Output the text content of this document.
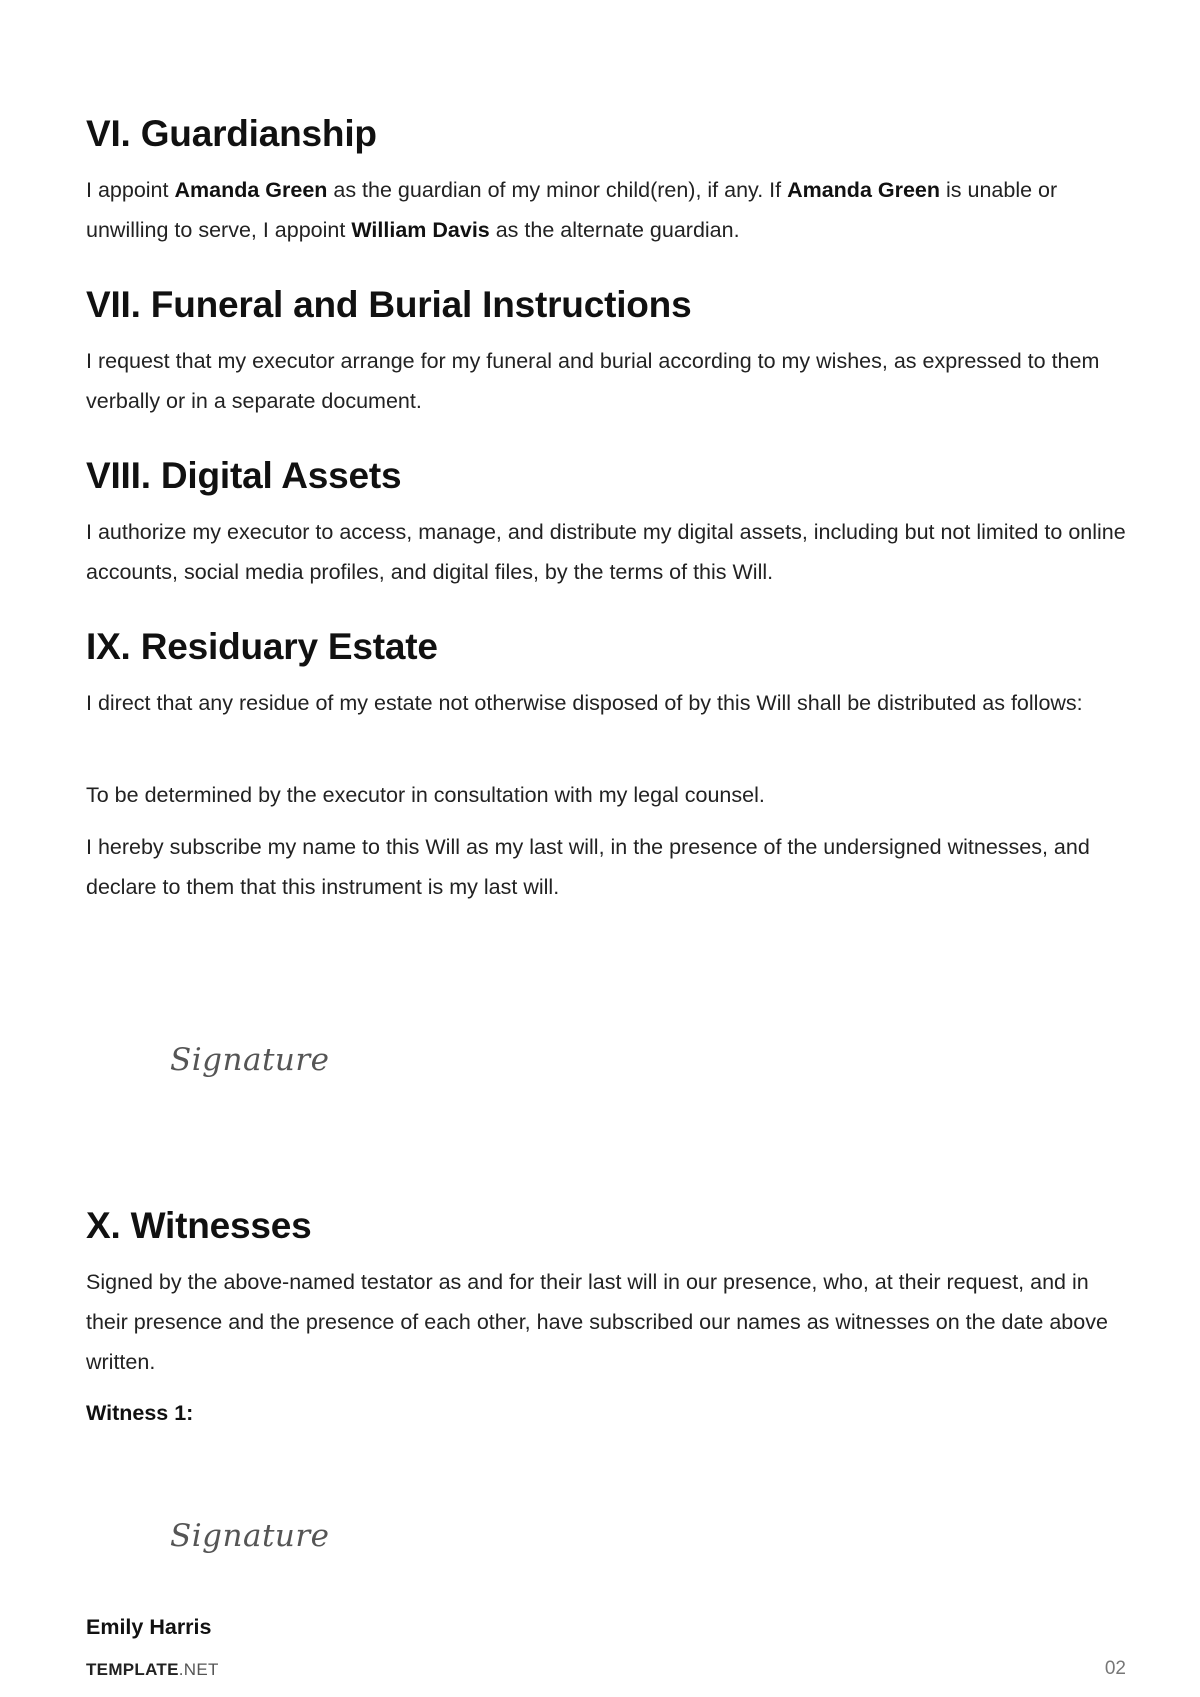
VI. Guardianship

I appoint Amanda Green as the guardian of my minor child(ren), if any. If Amanda Green is unable or unwilling to serve, I appoint William Davis as the alternate guardian.

VII. Funeral and Burial Instructions

I request that my executor arrange for my funeral and burial according to my wishes, as expressed to them verbally or in a separate document.

VIII. Digital Assets

I authorize my executor to access, manage, and distribute my digital assets, including but not limited to online accounts, social media profiles, and digital files, by the terms of this Will.

IX. Residuary Estate

I direct that any residue of my estate not otherwise disposed of by this Will shall be distributed as follows:

To be determined by the executor in consultation with my legal counsel.

I hereby subscribe my name to this Will as my last will, in the presence of the undersigned witnesses, and declare to them that this instrument is my last will.

Signature
X. Witnesses

Signed by the above-named testator as and for their last will in our presence, who, at their request, and in their presence and the presence of each other, have subscribed our names as witnesses on the date above written.

Witness 1:
Signature
Emily Harris
TEMPLATE.NET	02
